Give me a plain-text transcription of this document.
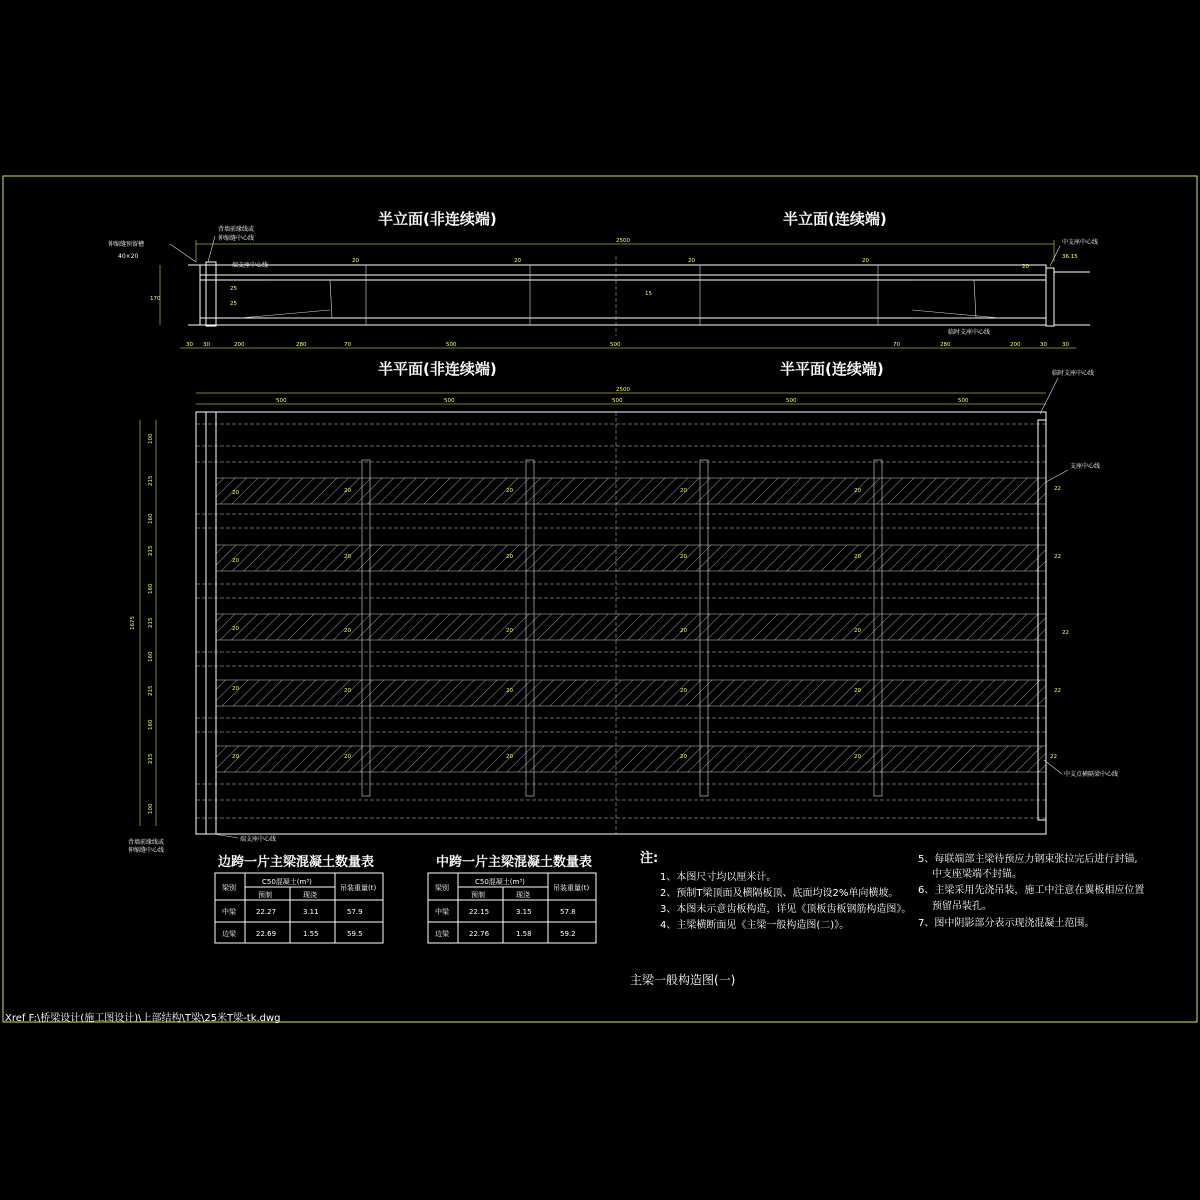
半立面(非连续端)	半立面(连续端)
2500
20	20	20	20
20
170
25
15
25
伸缩缝预留槽
40×20
背墙前缘线或
伸缩缝中心线
端支座中心线
中支座中心线
36.15
临时支座中心线
30 30	200	280	70	500	500	70	280	200	30	30
半平面(非连续端)	半平面(连续端)
2500
500	500	500	500	500
20	20	20	20	20
20
20	20	20	20
20	20	20	20	20
20	20	20	20	20
20	20	20	20	20
22
22
22
22
22
临时支座中心线
支座中心线
中支点横隔梁中心线
1675
100
215
160
215
160
215
160
215
160
215
100
背墙前缘线或
伸缩缝中心线
端支座中心线
边跨一片主梁混凝土数量表
梁别
C50混凝土(m³)
预制	现浇
吊装重量(t)
中梁	22.27	3.11	57.9
边梁	22.69	1.55	59.5
中跨一片主梁混凝土数量表
梁别
C50混凝土(m³)
预制	现浇
吊装重量(t)
中梁	22.15	3.15	57.8
边梁	22.76	1.58	59.2
注:
1、本图尺寸均以厘米计。
2、预制T梁顶面及横隔板顶、底面均设2%单向横坡。
3、本图未示意齿板构造，详见《顶板齿板钢筋构造图》。
4、主梁横断面见《主梁一般构造图(二)》。
5、每联端部主梁待预应力钢束张拉完后进行封锚,
中支座梁端不封锚。
6、主梁采用先浇吊装，施工中注意在翼板相应位置
预留吊装孔。
7、图中阴影部分表示现浇混凝土范围。
主梁一般构造图(一)
Xref F:\桥梁设计(施工图设计)\上部结构\T梁\25米T梁-tk.dwg
